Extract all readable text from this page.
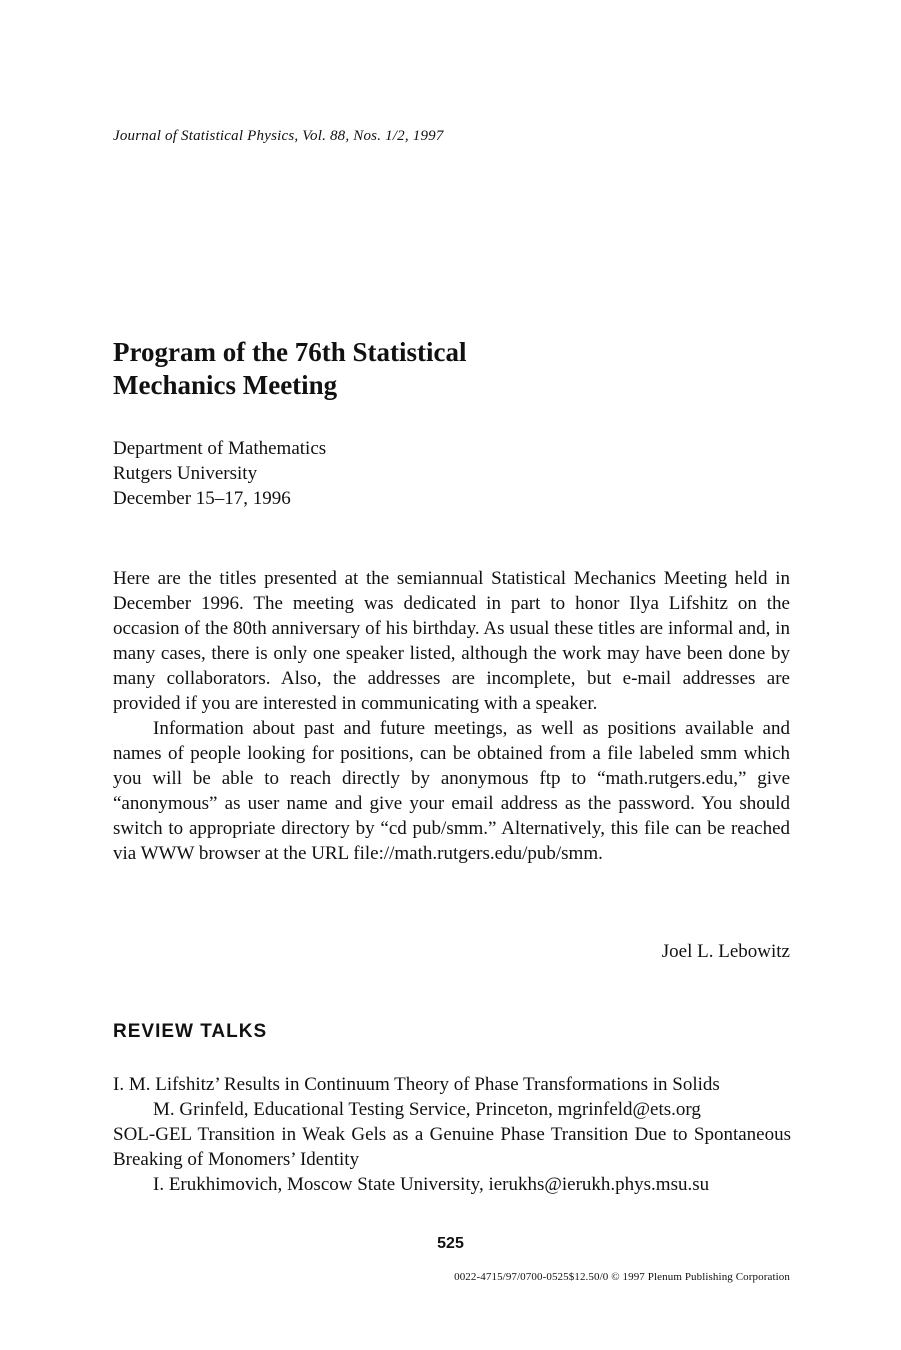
Journal of Statistical Physics, Vol. 88, Nos. 1/2, 1997
Program of the 76th Statistical
Mechanics Meeting
Department of Mathematics
Rutgers University
December 15–17, 1996

Here are the titles presented at the semiannual Statistical Mechanics Meeting held in December 1996. The meeting was dedicated in part to honor Ilya Lifshitz on the occasion of the 80th anniversary of his birthday. As usual these titles are informal and, in many cases, there is only one speaker listed, although the work may have been done by many collaborators. Also, the addresses are incomplete, but e-mail addresses are provided if you are interested in communicating with a speaker.

Information about past and future meetings, as well as positions available and names of people looking for positions, can be obtained from a file labeled smm which you will be able to reach directly by anonymous ftp to “math.rutgers.edu,” give “anonymous” as user name and give your email address as the password. You should switch to appropriate directory by “cd pub/smm.” Alternatively, this file can be reached via WWW browser at the URL file://math.rutgers.edu/pub/smm.

Joel L. Lebowitz
REVIEW TALKS
I. M. Lifshitz’ Results in Continuum Theory of Phase Transformations in Solids
M. Grinfeld, Educational Testing Service, Princeton, mgrinfeld@ets.org
SOL-GEL Transition in Weak Gels as a Genuine Phase Transition Due to Spontaneous Breaking of Monomers’ Identity
I. Erukhimovich, Moscow State University, ierukhs@ierukh.phys.msu.su
525
0022-4715/97/0700-0525$12.50/0 © 1997 Plenum Publishing Corporation
